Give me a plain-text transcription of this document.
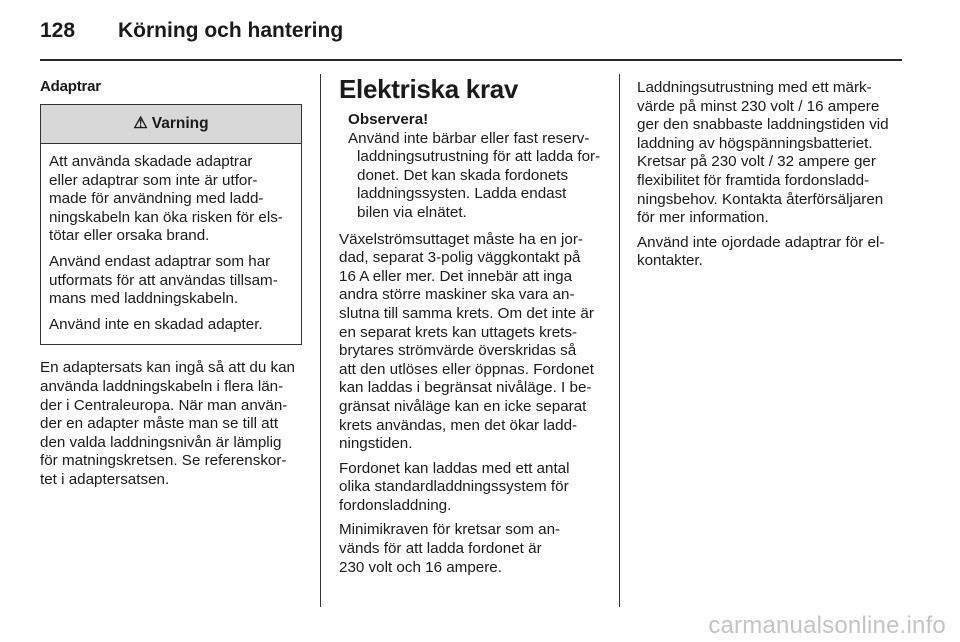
128 Körning och hantering
Adaptrar
⚠ Varning

Att använda skadade adaptrar
eller adaptrar som inte är utfor-
made för användning med ladd-
ningskabeln kan öka risken för els-
tötar eller orsaka brand.

Använd endast adaptrar som har
utformats för att användas tillsam-
mans med laddningskabeln.

Använd inte en skadad adapter.

En adaptersats kan ingå så att du kan
använda laddningskabeln i flera län-
der i Centraleuropa. När man använ-
der en adapter måste man se till att
den valda laddningsnivån är lämplig
för matningskretsen. Se referenskor-
tet i adaptersatsen.

Elektriska krav
Observera!
Använd inte bärbar eller fast reserv-
laddningsutrustning för att ladda for-
donet. Det kan skada fordonets
laddningssysten. Ladda endast
bilen via elnätet.

Växelströmsuttaget måste ha en jor-
dad, separat 3-polig väggkontakt på
16 A eller mer. Det innebär att inga
andra större maskiner ska vara an-
slutna till samma krets. Om det inte är
en separat krets kan uttagets krets-
brytares strömvärde överskridas så
att den utlöses eller öppnas. Fordonet
kan laddas i begränsat nivåläge. I be-
gränsat nivåläge kan en icke separat
krets användas, men det ökar ladd-
ningstiden.

Fordonet kan laddas med ett antal
olika standardladdningssystem för
fordonsladdning.

Minimikraven för kretsar som an-
vänds för att ladda fordonet är
230 volt och 16 ampere.

Laddningsutrustning med ett märk-
värde på minst 230 volt / 16 ampere
ger den snabbaste laddningstiden vid
laddning av högspänningsbatteriet.
Kretsar på 230 volt / 32 ampere ger
flexibilitet för framtida fordonsladd-
ningsbehov. Kontakta återförsäljaren
för mer information.

Använd inte ojordade adaptrar för el-
kontakter.

carmanualsonline.info
